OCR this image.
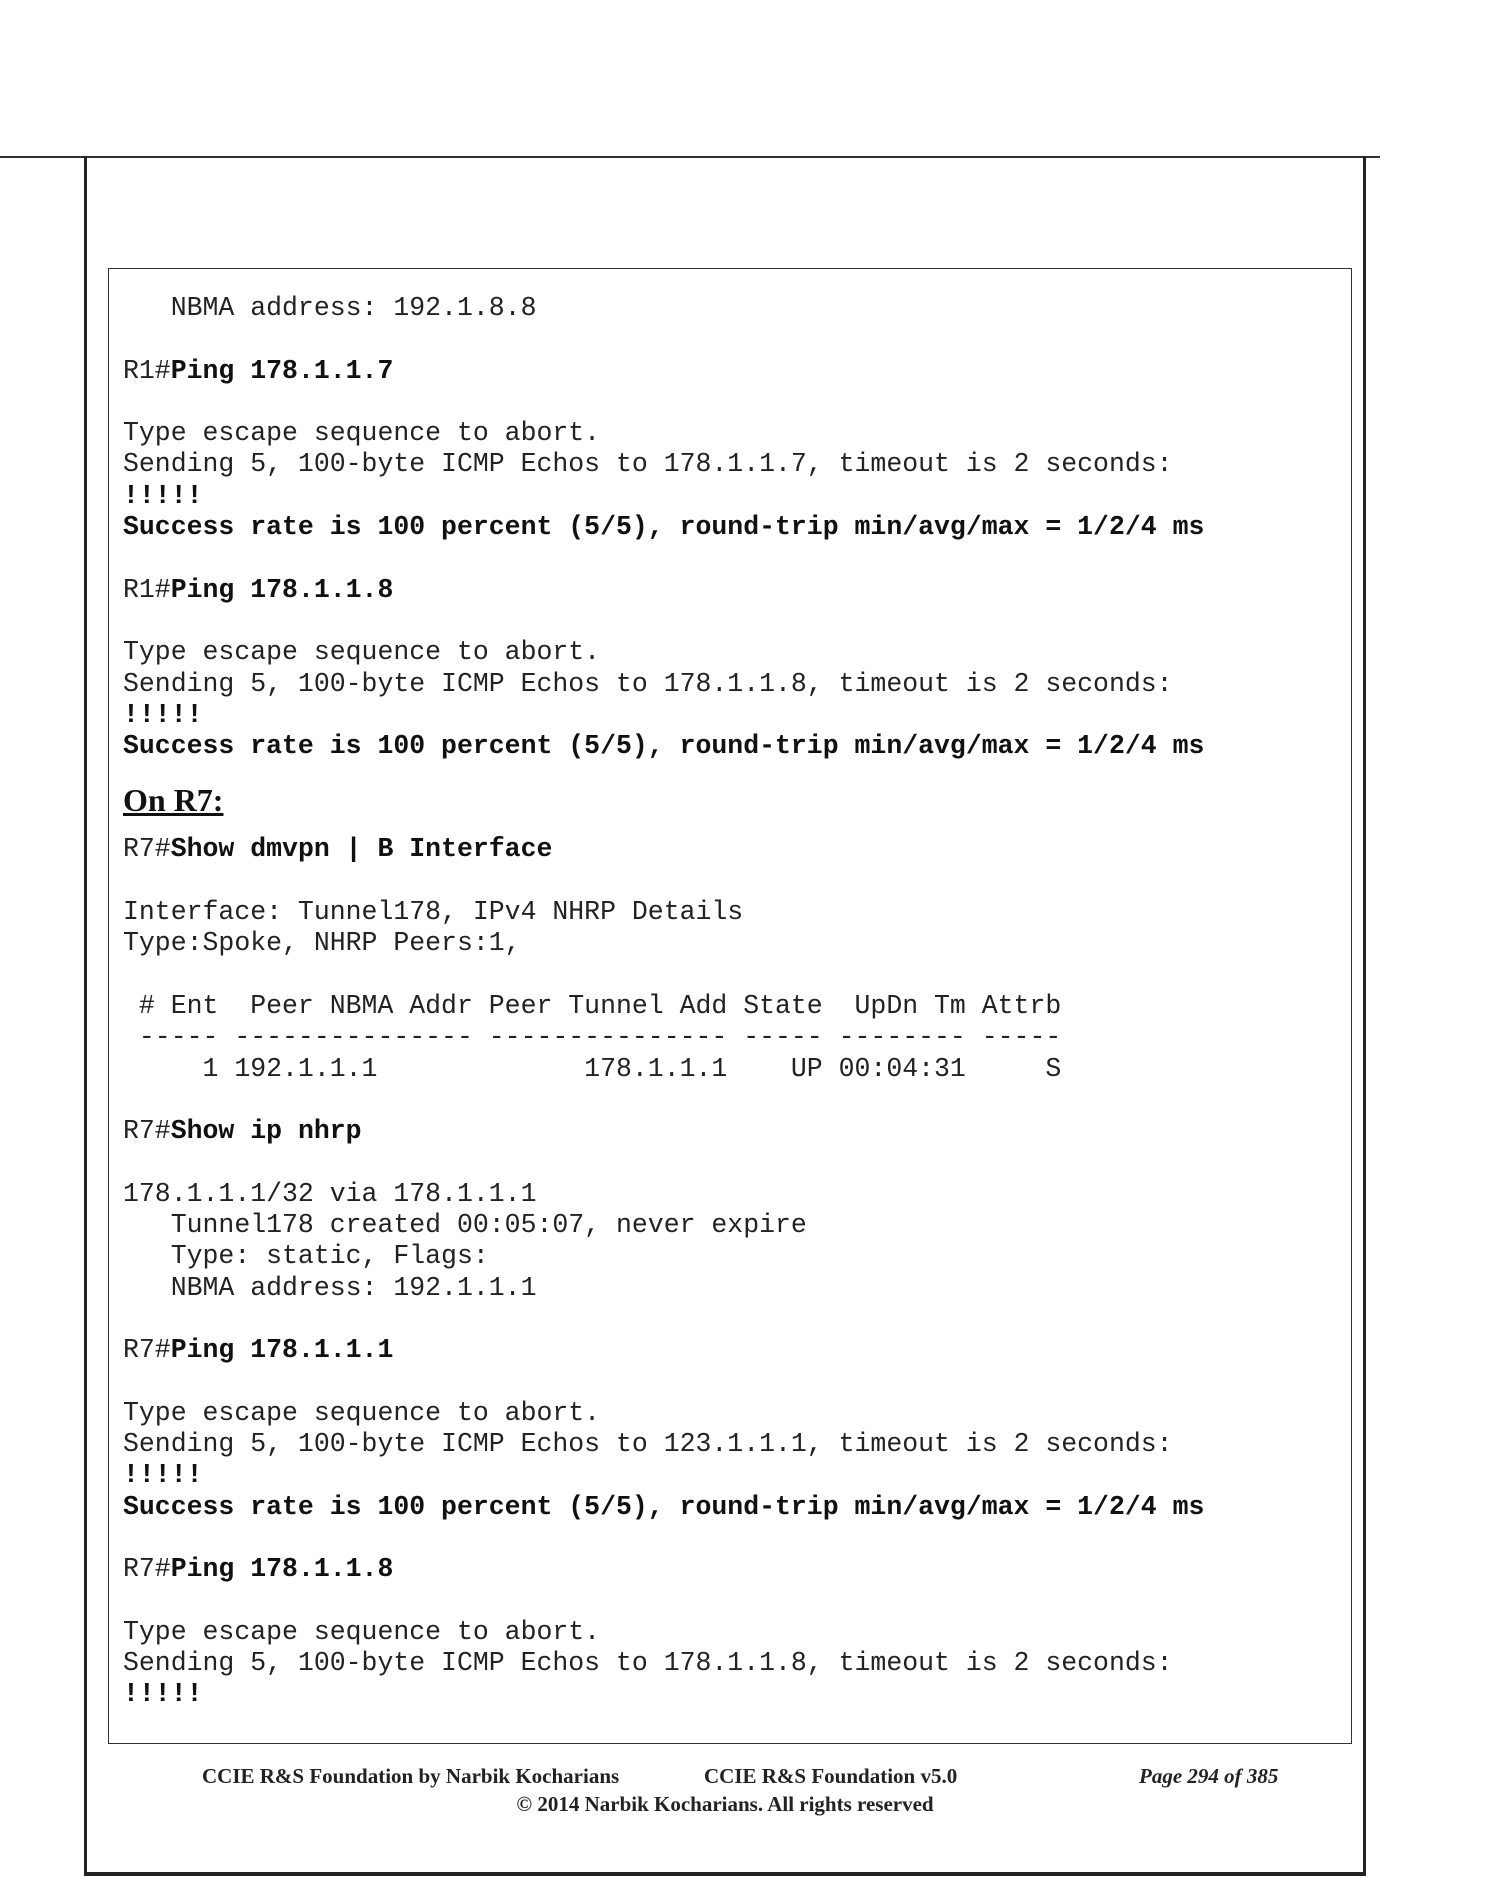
NBMA address: 192.1.8.8
R1#Ping 178.1.1.7
Type escape sequence to abort.
Sending 5, 100-byte ICMP Echos to 178.1.1.7, timeout is 2 seconds:
!!!!!
Success rate is 100 percent (5/5), round-trip min/avg/max = 1/2/4 ms
R1#Ping 178.1.1.8
Type escape sequence to abort.
Sending 5, 100-byte ICMP Echos to 178.1.1.8, timeout is 2 seconds:
!!!!!
Success rate is 100 percent (5/5), round-trip min/avg/max = 1/2/4 ms
On R7:
R7#Show dmvpn | B Interface
Interface: Tunnel178, IPv4 NHRP Details
Type:Spoke, NHRP Peers:1,
# Ent  Peer NBMA Addr Peer Tunnel Add State  UpDn Tm Attrb
----- --------------- --------------- ----- -------- -----
1 192.1.1.1             178.1.1.1    UP 00:04:31     S
R7#Show ip nhrp
178.1.1.1/32 via 178.1.1.1
Tunnel178 created 00:05:07, never expire
Type: static, Flags:
NBMA address: 192.1.1.1
R7#Ping 178.1.1.1
Type escape sequence to abort.
Sending 5, 100-byte ICMP Echos to 123.1.1.1, timeout is 2 seconds:
!!!!!
Success rate is 100 percent (5/5), round-trip min/avg/max = 1/2/4 ms
R7#Ping 178.1.1.8
Type escape sequence to abort.
Sending 5, 100-byte ICMP Echos to 178.1.1.8, timeout is 2 seconds:
!!!!!
CCIE R&S Foundation by Narbik Kocharians	CCIE R&S Foundation v5.0	Page 294 of 385
© 2014 Narbik Kocharians. All rights reserved
